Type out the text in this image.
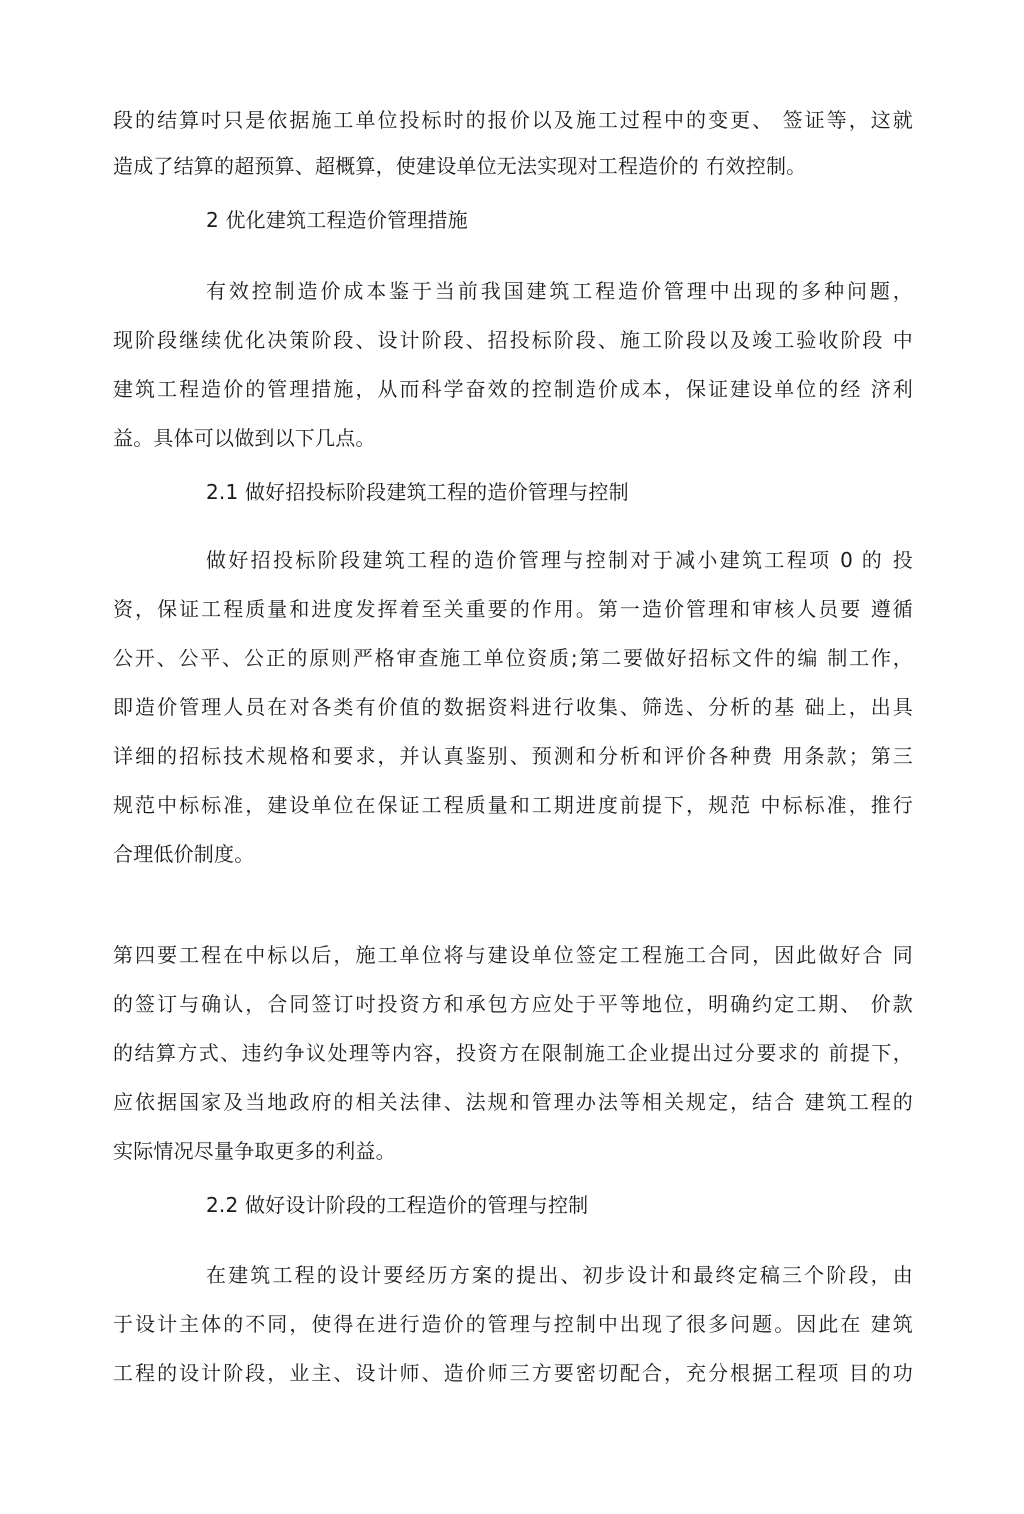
段的结算吋只是依据施工单位投标时的报价以及施工过程中的变更、 签证等，这就

造成了结算的超预算、超概算，使建设单位无法实现对工程造价的 冇效控制。

2 优化建筑工程造价管理措施

有效控制造价成本鉴于当前我国建筑工程造价管理中出现的多种问题，

现阶段继续优化决策阶段、设计阶段、招投标阶段、施工阶段以及竣工验收阶段 中

建筑工程造价的管理措施，从而科学奋效的控制造价成本，保证建设单位的经 济利

益。具体可以做到以下几点。

2.1 做好招投标阶段建筑工程的造价管理与控制

做好招投标阶段建筑工程的造价管理与控制对于减小建筑工程项 0 的 投

资，保证工程质量和进度发挥着至关重要的作用。第一造价管理和审核人员要 遵循

公开、公平、公正的原则严格审查施工单位资质;第二要做好招标文件的编 制工作，

即造价管理人员在对各类有价值的数据资料进行收集、筛选、分析的基 础上，出具

详细的招标技术规格和要求，并认真鉴别、预测和分析和评价各种费 用条款；第三

规范中标标准，建设单位在保证工程质量和工期进度前提下，规范 中标标准，推行

合理低价制度。

第四要工程在中标以后，施工单位将与建设单位签定工程施工合同，因此做好合 同

的签订与确认，合同签订吋投资方和承包方应处于平等地位，明确约定工期、 价款

的结算方式、违约争议处理等内容，投资方在限制施工企业提出过分要求的 前提下，

应依据国家及当地政府的相关法律、法规和管理办法等相关规定，结合 建筑工程的

实际情况尽量争取更多的利益。

2.2 做好设计阶段的工程造价的管理与控制

在建筑工程的设计要经历方案的提出、初步设计和最终定稿三个阶段，由

于设计主体的不同，使得在进行造价的管理与控制中出现了很多问题。因此在 建筑

工程的设计阶段，业主、设计师、造价师三方要密切配合，充分根据工程项 目的功
